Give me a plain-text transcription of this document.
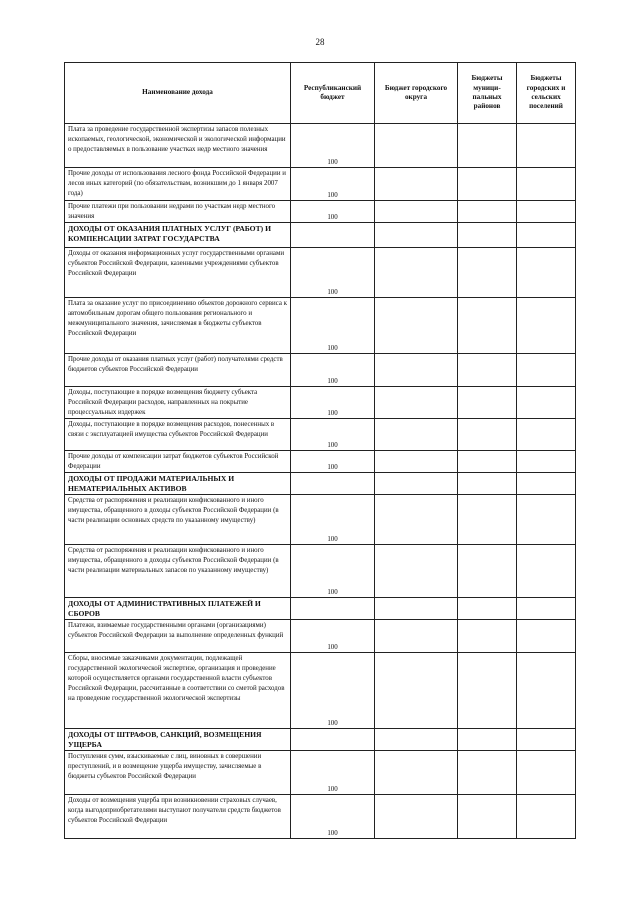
28
Наименование дохода	Республиканский бюджет	Бюджет городского округа	Бюджеты муници-пальных районов	Бюджеты городских и сельских поселений

Плата за проведение государственной экспертизы запасов полезных ископаемых, геологической, экономической и экологической информации о предоставляемых в пользование участках недр местного значения	100			

Прочие доходы от использования лесного фонда Российской Федерации и лесов иных категорий (по обязательствам, возникшим до 1 января 2007 года)	100			

Прочие платежи при пользовании недрами по участкам недр местного значения	100			

ДОХОДЫ ОТ ОКАЗАНИЯ ПЛАТНЫХ УСЛУГ (РАБОТ) И КОМПЕНСАЦИИ ЗАТРАТ ГОСУДАРСТВА				

Доходы от оказания информационных услуг государственными органами субъектов Российской Федерации, казенными учреждениями субъектов Российской Федерации	100			

Плата за оказание услуг по присоединению объектов дорожного сервиса к автомобильным дорогам общего пользования регионального и межмуниципального значения, зачисляемая в бюджеты субъектов Российской Федерации	100			

Прочие доходы от оказания платных услуг (работ) получателями средств бюджетов субъектов Российской Федерации	100			

Доходы, поступающие в порядке возмещения бюджету субъекта Российской Федерации расходов, направленных на покрытие процессуальных издержек	100			

Доходы, поступающие в порядке возмещения расходов, понесенных в связи с эксплуатацией имущества субъектов Российской Федерации	100			

Прочие доходы от компенсации затрат бюджетов субъектов Российской Федерации	100			

ДОХОДЫ ОТ ПРОДАЖИ МАТЕРИАЛЬНЫХ И НЕМАТЕРИАЛЬНЫХ АКТИВОВ				

Средства от распоряжения и реализации конфискованного и иного имущества, обращенного в доходы субъектов Российской Федерации (в части реализации основных средств по указанному имуществу)	100			

Средства от распоряжения и реализации конфискованного и иного имущества, обращенного в доходы субъектов Российской Федерации (в части реализации материальных запасов по указанному имуществу)	100			

ДОХОДЫ ОТ АДМИНИСТРАТИВНЫХ ПЛАТЕЖЕЙ И СБОРОВ				

Платежи, взимаемые государственными органами (организациями) субъектов Российской Федерации за выполнение определенных функций	100			

Сборы, вносимые заказчиками документации, подлежащей государственной экологической экспертизе, организация и проведение которой осуществляется органами государственной власти субъектов Российской Федерации, рассчитанные в соответствии со сметой расходов на проведение государственной экологической экспертизы	100			

ДОХОДЫ ОТ ШТРАФОВ, САНКЦИЙ, ВОЗМЕЩЕНИЯ УЩЕРБА				

Поступления сумм, взыскиваемые с лиц, виновных в совершении преступлений, и в возмещение ущерба имуществу, зачисляемые в бюджеты субъектов Российской Федерации	100			

Доходы от возмещения ущерба при возникновении страховых случаев, когда выгодоприобретателями выступают получатели средств бюджетов субъектов Российской Федерации	100			
